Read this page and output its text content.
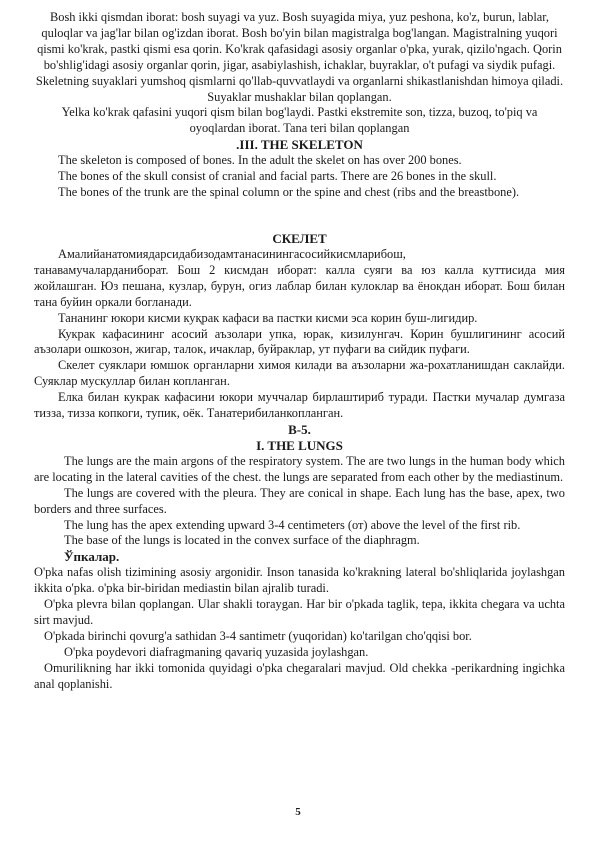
Bosh ikki qismdan iborat: bosh suyagi va yuz. Bosh suyagida miya, yuz peshona, ko'z, burun, lablar, quloqlar va jag'lar bilan og'izdan iborat. Bosh bo'yin bilan magistralga bog'langan. Magistralning yuqori qismi ko'krak, pastki qismi esa qorin. Ko'krak qafasidagi asosiy organlar o'pka, yurak, qizilo'ngach. Qorin bo'shlig'idagi asosiy organlar qorin, jigar, asabiylashish, ichaklar, buyraklar, o't pufagi va siydik pufagi. Skeletning suyaklari yumshoq qismlarni qo'llab-quvvatlaydi va organlarni shikastlanishdan himoya qiladi. Suyaklar mushaklar bilan qoplangan.

Yelka ko'krak qafasini yuqori qism bilan bog'laydi. Pastki ekstremite son, tizza, buzoq, to'piq va oyoqlardan iborat. Tana teri bilan qoplangan

.III. THE SKELETON

The skeleton is composed of bones. In the adult the skelet on has over 200 bones.

The bones of the skull consist of cranial and facial parts. There are 26 bones in the skull.

The bones of the trunk are the spinal column or the spine and chest (ribs and the breastbone).

СКЕЛЕТ

Амалийанатомиядарсидабизодамтанасинингасосийкисмларибош,

танавамучаларданиборат. Бош 2 кисмдан иборат: калла суяги ва юз калла куттисида мия жойлашган. Юз пешана, кузлар, бурун, огиз лаблар билан кулоклар ва ёнокдан иборат. Бош билан тана буйин оркали богланади.

Тананинг юкори кисми куқрак кафаси ва пастки кисми эса корин буш-лигидир.

Кукрак кафасининг асосий аъзолари упка, юрак, кизилунгач. Корин бушлигининг асосий аъзолари ошкозон, жигар, талок, ичаклар, буйраклар, ут пуфаги ва сийдик пуфаги.

Скелет суяклари юмшок органларни химоя килади ва аъзоларни жа-рохатланишдан саклайди. Суяклар мускуллар билан копланган.

Елка билан кукрак кафасини юкори муччалар бирлаштириб туради. Пастки мучалар думгаза тизза, тизза копкоги, тупик, оёк. Танатерибиланкопланган.

B-5.

I. THE LUNGS

The lungs are the main argons of the respiratory system. The are two lungs in the human body which are locating in the lateral cavities of the chest. the lungs are separated from each other by the mediastinum.

The lungs are covered with the pleura. They are conical in shape. Each lung has the base, apex, two borders and three surfaces.

The lung has the apex extending upward 3-4 centimeters (от) above the level of the first rib.

The base of the lungs is located in the convex surface of the diaphragm.

Ўпкалар.

O'pka nafas olish tizimining asosiy argonidir. Inson tanasida ko'krakning lateral bo'shliqlarida joylashgan ikkita o'pka. o'pka bir-biridan mediastin bilan ajralib turadi.

O'pka plevra bilan qoplangan. Ular shakli toraygan. Har bir o'pkada taglik, tepa, ikkita chegara va uchta sirt mavjud.

O'pkada birinchi qovurg'a sathidan 3-4 santimetr (yuqoridan) ko'tarilgan cho'qqisi bor.

O'pka poydevori diafragmaning qavariq yuzasida joylashgan.

Omurilikning har ikki tomonida quyidagi o'pka chegaralari mavjud. Old chekka -perikardning ingichka anal qoplanishi.

5
